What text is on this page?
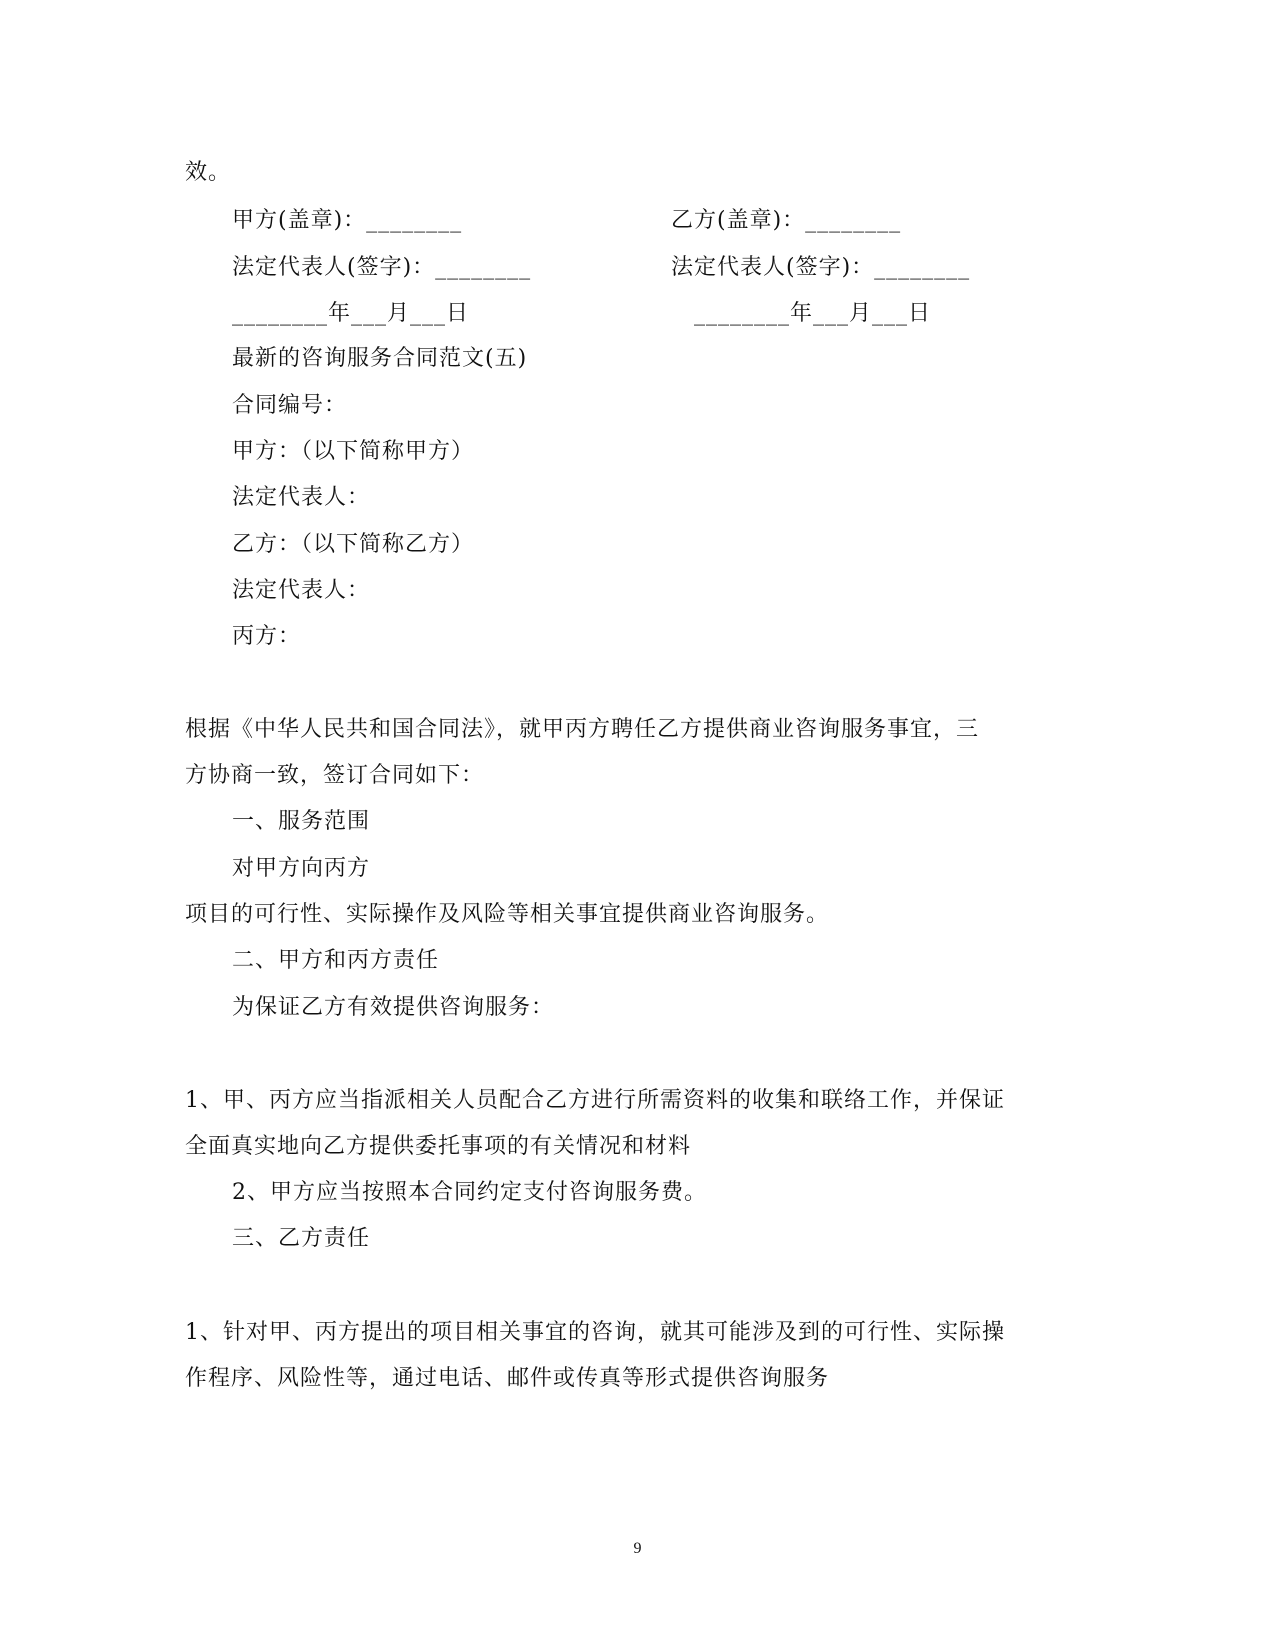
效。
甲方(盖章)：________	乙方(盖章)：________
法定代表人(签字)：________	法定代表人(签字)：________
________年___月___日	________年___月___日
最新的咨询服务合同范文(五)
合同编号：
甲方：（以下简称甲方）
法定代表人：
乙方：（以下简称乙方）
法定代表人：
丙方：
根据《中华人民共和国合同法》，就甲丙方聘任乙方提供商业咨询服务事宜，三
方协商一致，签订合同如下：
一、服务范围
对甲方向丙方
项目的可行性、实际操作及风险等相关事宜提供商业咨询服务。
二、甲方和丙方责任
为保证乙方有效提供咨询服务：
1、甲、丙方应当指派相关人员配合乙方进行所需资料的收集和联络工作，并保证
全面真实地向乙方提供委托事项的有关情况和材料
2、甲方应当按照本合同约定支付咨询服务费。
三、乙方责任
1、针对甲、丙方提出的项目相关事宜的咨询，就其可能涉及到的可行性、实际操
作程序、风险性等，通过电话、邮件或传真等形式提供咨询服务
9
